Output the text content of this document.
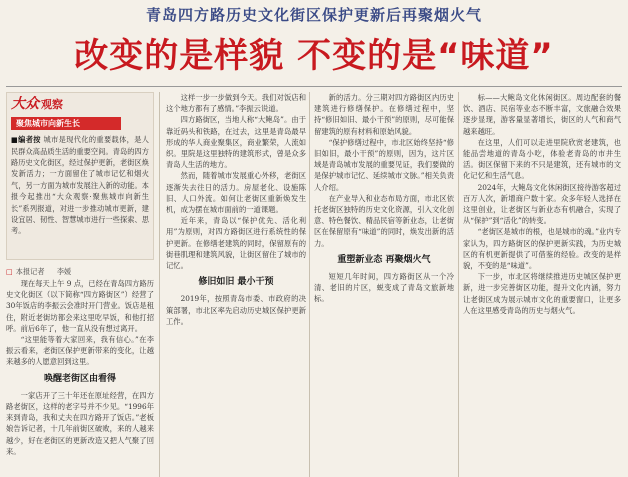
青岛四方路历史文化街区保护更新后再聚烟火气
改变的是样貌 不变的是“味道”
大众 观察
聚焦城市向新生长
■编者按 城市是现代化的重要载体，是人民群众高品质生活的重要空间。青岛的四方路历史文化街区，经过保护更新，老街区焕发新活力；一方面留住了城市记忆和烟火气，另一方面为城市发展注入新的动能。本报今起推出“大众观察·聚焦城市向新生长”系列报道，对进一步推动城市更新，建设宜居、韧性、智慧城市进行一些探索、思考。
□ 本报记者 李媛

现在每天上午 9 点，已经在青岛四方路历史文化街区（以下简称“四方路街区”）经营了30年饭店的李振云会准时开门营业。饭店是租住，附近老街坊都会来这里吃早饭，和他打招呼。前后6年了，他一直从没有想过离开。

“这里能等着大家回来，我有信心。”在李振云看来，老街区保护更新带来的变化，让越来越多的人愿意回到这里。

唤醒老街区由看得

一家店开了三十年还在原址经营，在四方路老街区，这样的老字号并不少见。“1996年来到青岛，我和丈夫在四方路开了饭店。”老板娘告诉记者，十几年前街区破败，来的人越来越少，好在老街区的更新改造又把人气聚了回来。

这样一步一步做到今天。我们对饭店和这个地方都有了感情。”李振云说道。

四方路街区，当地人称“大鲍岛”。由于靠近码头和铁路，在过去，这里是青岛最早形成的华人商业聚集区，商业繁荣，人流如织。里院是这里独特的建筑形式，曾是众多青岛人生活的地方。

然而，随着城市发展重心外移，老街区逐渐失去往日的活力。房屋老化、设施陈旧、人口外流。如何让老街区重新焕发生机，成为摆在城市面前的一道课题。

近年来，青岛以“保护优先、活化利用”为原则，对四方路街区进行系统性的保护更新。在修缮老建筑的同时，保留原有的街巷肌理和建筑风貌，让街区留住了城市的记忆。

修旧如旧 最小干预

2019年，按照青岛市委、市政府的决策部署，市北区率先启动历史城区保护更新工作。

新的活力。分三期对四方路街区内历史建筑进行修缮保护。在修缮过程中，坚持“修旧如旧、最小干预”的原则，尽可能保留建筑的原有材料和原始风貌。

“保护修缮过程中，市北区始终坚持“修旧如旧，最小干预”的原则，因为，这片区域是青岛城市发展的重要见证，我们要做的是保护城市记忆、延续城市文脉。”相关负责人介绍。

在产业导入和业态布局方面，市北区依托老街区独特的历史文化资源，引入文化创意、特色餐饮、精品民宿等新业态，让老街区在保留原有“味道”的同时，焕发出新的活力。

重塑新业态 再聚烟火气

短短几年时间，四方路街区从一个冷清、老旧的片区，蜕变成了青岛文旅新地标。

标——大鲍岛文化休闲街区。周边配套的餐饮、酒店、民宿等业态不断丰富，文旅融合效果逐步显现，游客量显著增长，街区的人气和商气越来越旺。

在这里，人们可以走进里院欣赏老建筑，也能品尝地道的青岛小吃，体验老青岛的市井生活。街区保留下来的不只是建筑，还有城市的文化记忆和生活气息。

2024年，大鲍岛文化休闲街区接待游客超过百万人次，新增商户数十家。众多年轻人选择在这里创业，让老街区与新业态有机融合，实现了从“保护”到“活化”的转变。

“老街区是城市的根，也是城市的魂。”业内专家认为，四方路街区的保护更新实践，为历史城区的有机更新提供了可借鉴的经验。改变的是样貌，不变的是“味道”。

下一步，市北区将继续推进历史城区保护更新，进一步完善街区功能，提升文化内涵，努力让老街区成为展示城市文化的重要窗口，让更多人在这里感受青岛的历史与烟火气。
